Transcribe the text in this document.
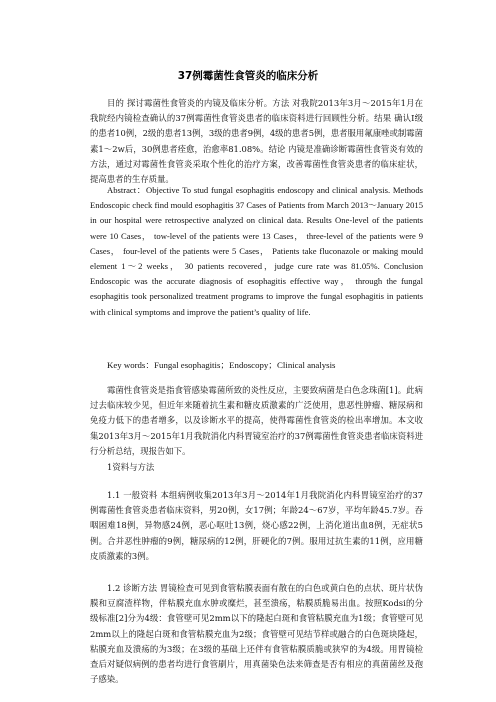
37例霉菌性食管炎的临床分析

目的 探讨霉菌性食管炎的内镜及临床分析。方法 对我院2013年3月～2015年1月在我院经内镜检查确认的37例霉菌性食管炎患者的临床资料进行回顾性分析。结果 确认Ⅰ级的患者10例，2级的患者13例，3级的患者9例，4级的患者5例，患者服用氟康唑或制霉菌素1～2w后，30例患者痊愈，治愈率81.08%。结论 内镜是准确诊断霉菌性食管炎有效的方法，通过对霉菌性食管炎采取个性化的治疗方案，改善霉菌性食管炎患者的临床症状，提高患者的生存质量。

Abstract：Objective To stud fungal esophagitis endoscopy and clinical analysis. Methods Endoscopic check find mould esophagitis 37 Cases of Patients from March 2013～January 2015 in our hospital were retrospective analyzed on clinical data. Results One-level of the patients were 10 Cases， tow-level of the patients were 13 Cases， three-level of the patients were 9 Cases， four-level of the patients were 5 Cases， Patients take fluconazole or making mould element 1～2 weeks， 30 patients recovered，judge cure rate was 81.05%. Conclusion Endoscopic was the accurate diagnosis of esophagitis effective way， through the fungal esophagitis took personalized treatment programs to improve the fungal esophagitis in patients with clinical symptoms and improve the patient’s quality of life.

Key words：Fungal esophagitis；Endoscopy；Clinical analysis

霉菌性食管炎是指食管感染霉菌所致的炎性反应，主要致病菌是白色念珠菌[1]。此病过去临床较少见，但近年来随着抗生素和糖皮质激素的广泛使用，患恶性肿瘤、糖尿病和免疫力低下的患者增多，以及诊断水平的提高，使得霉菌性食管炎的检出率增加。本文收集2013年3月～2015年1月我院消化内科胃镜室治疗的37例霉菌性食管炎患者临床资料进行分析总结，现报告如下。

1资料与方法

1.1 一般资料 本组病例收集2013年3月～2014年1月我院消化内科胃镜室治疗的37例霉菌性食管炎患者临床资料，男20例，女17例；年龄24～67岁，平均年龄45.7岁。吞咽困难18例，异物感24例，恶心呕吐13例，烧心感22例，上消化道出血8例，无症状5例。合并恶性肿瘤的9例，糖尿病的12例，肝硬化的7例。服用过抗生素的11例，应用糖皮质激素的3例。

1.2 诊断方法 胃镜检查可见到食管粘膜表面有散在的白色或黄白色的点状、斑片状伪膜和豆腐渣样物，伴粘膜充血水肿或糜烂，甚至溃疡，粘膜质脆易出血。按照Kodsi的分级标准[2]分为4级：食管壁可见2mm以下的隆起白斑和食管粘膜充血为1级；食管壁可见2mm以上的隆起白斑和食管粘膜充血为2级；食管壁可见结节样或融合的白色斑块隆起，粘膜充血及溃疡的为3级；在3级的基础上还伴有食管粘膜质脆或狭窄的为4级。用胃镜检查后对疑似病例的患者均进行食管刷片，用真菌染色法来筛查是否有相应的真菌菌丝及孢子感染。
